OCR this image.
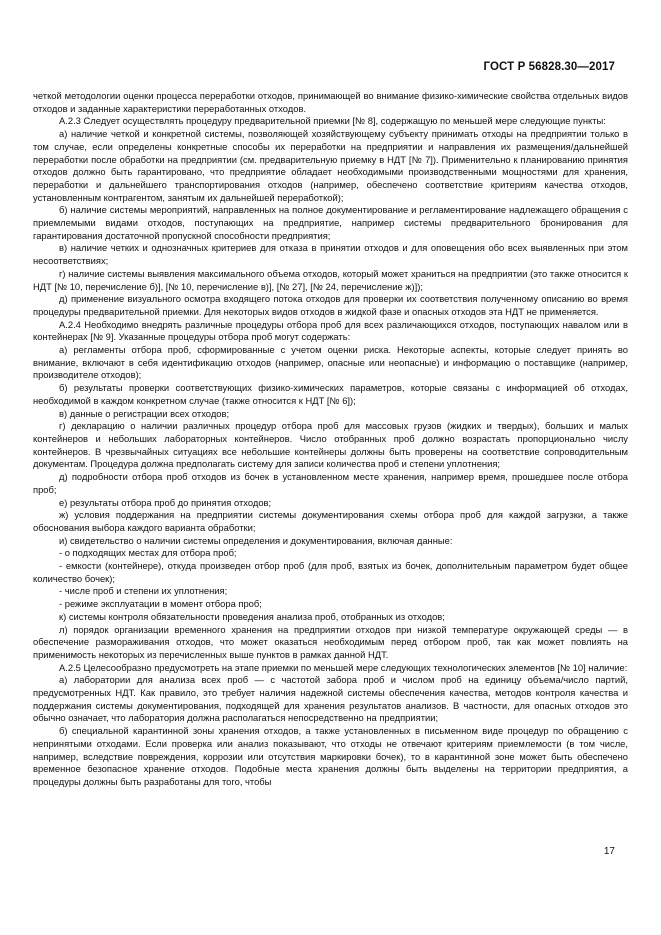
ГОСТ Р 56828.30—2017

четкой методологии оценки процесса переработки отходов, принимающей во внимание физико-химические свойства отдельных видов отходов и заданные характеристики переработанных отходов.

А.2.3 Следует осуществлять процедуру предварительной приемки [№ 8], содержащую по меньшей мере следующие пункты:

а) наличие четкой и конкретной системы, позволяющей хозяйствующему субъекту принимать отходы на предприятии только в том случае, если определены конкретные способы их переработки на предприятии и направления их размещения/дальнейшей переработки после обработки на предприятии (см. предварительную приемку в НДТ [№ 7]). Применительно к планированию принятия отходов должно быть гарантировано, что предприятие обладает необходимыми производственными мощностями для хранения, переработки и дальнейшего транспортирования отходов (например, обеспечено соответствие критериям качества отходов, установленным контрагентом, занятым их дальнейшей переработкой);

б) наличие системы мероприятий, направленных на полное документирование и регламентирование надлежащего обращения с приемлемыми видами отходов, поступающих на предприятие, например системы предварительного бронирования для гарантирования достаточной пропускной способности предприятия;

в) наличие четких и однозначных критериев для отказа в принятии отходов и для оповещения обо всех выявленных при этом несоответствиях;

г) наличие системы выявления максимального объема отходов, который может храниться на предприятии (это также относится к НДТ [№ 10, перечисление б)], [№ 10, перечисление в)], [№ 27], [№ 24, перечисление ж)]);

д) применение визуального осмотра входящего потока отходов для проверки их соответствия полученному описанию во время процедуры предварительной приемки. Для некоторых видов отходов в жидкой фазе и опасных отходов эта НДТ не применяется.

А.2.4 Необходимо внедрять различные процедуры отбора проб для всех различающихся отходов, поступающих навалом или в контейнерах [№ 9]. Указанные процедуры отбора проб могут содержать:

а) регламенты отбора проб, сформированные с учетом оценки риска. Некоторые аспекты, которые следует принять во внимание, включают в себя идентификацию отходов (например, опасные или неопасные) и информацию о поставщике (например, производителе отходов);

б) результаты проверки соответствующих физико-химических параметров, которые связаны с информацией об отходах, необходимой в каждом конкретном случае (также относится к НДТ [№ 6]);

в) данные о регистрации всех отходов;

г) декларацию о наличии различных процедур отбора проб для массовых грузов (жидких и твердых), больших и малых контейнеров и небольших лабораторных контейнеров. Число отобранных проб должно возрастать пропорционально числу контейнеров. В чрезвычайных ситуациях все небольшие контейнеры должны быть проверены на соответствие сопроводительным документам. Процедура должна предполагать систему для записи количества проб и степени уплотнения;

д) подробности отбора проб отходов из бочек в установленном месте хранения, например время, прошедшее после отбора проб;

е) результаты отбора проб до принятия отходов;

ж) условия поддержания на предприятии системы документирования схемы отбора проб для каждой загрузки, а также обоснования выбора каждого варианта обработки;

и) свидетельство о наличии системы определения и документирования, включая данные:

- о подходящих местах для отбора проб;

- емкости (контейнере), откуда произведен отбор проб (для проб, взятых из бочек, дополнительным параметром будет общее количество бочек);

- числе проб и степени их уплотнения;

- режиме эксплуатации в момент отбора проб;

к) системы контроля обязательности проведения анализа проб, отобранных из отходов;

л) порядок организации временного хранения на предприятии отходов при низкой температуре окружающей среды — в обеспечение размораживания отходов, что может оказаться необходимым перед отбором проб, так как может повлиять на применимость некоторых из перечисленных выше пунктов в рамках данной НДТ.

А.2.5 Целесообразно предусмотреть на этапе приемки по меньшей мере следующих технологических элементов [№ 10] наличие:

а) лаборатории для анализа всех проб — с частотой забора проб и числом проб на единицу объема/число партий, предусмотренных НДТ. Как правило, это требует наличия надежной системы обеспечения качества, методов контроля качества и поддержания системы документирования, подходящей для хранения результатов анализов. В частности, для опасных отходов это обычно означает, что лаборатория должна располагаться непосредственно на предприятии;

б) специальной карантинной зоны хранения отходов, а также установленных в письменном виде процедур по обращению с непринятыми отходами. Если проверка или анализ показывают, что отходы не отвечают критериям приемлемости (в том числе, например, вследствие повреждения, коррозии или отсутствия маркировки бочек), то в карантинной зоне может быть обеспечено временное безопасное хранение отходов. Подобные места хранения должны быть выделены на территории предприятия, а процедуры должны быть разработаны для того, чтобы

17
